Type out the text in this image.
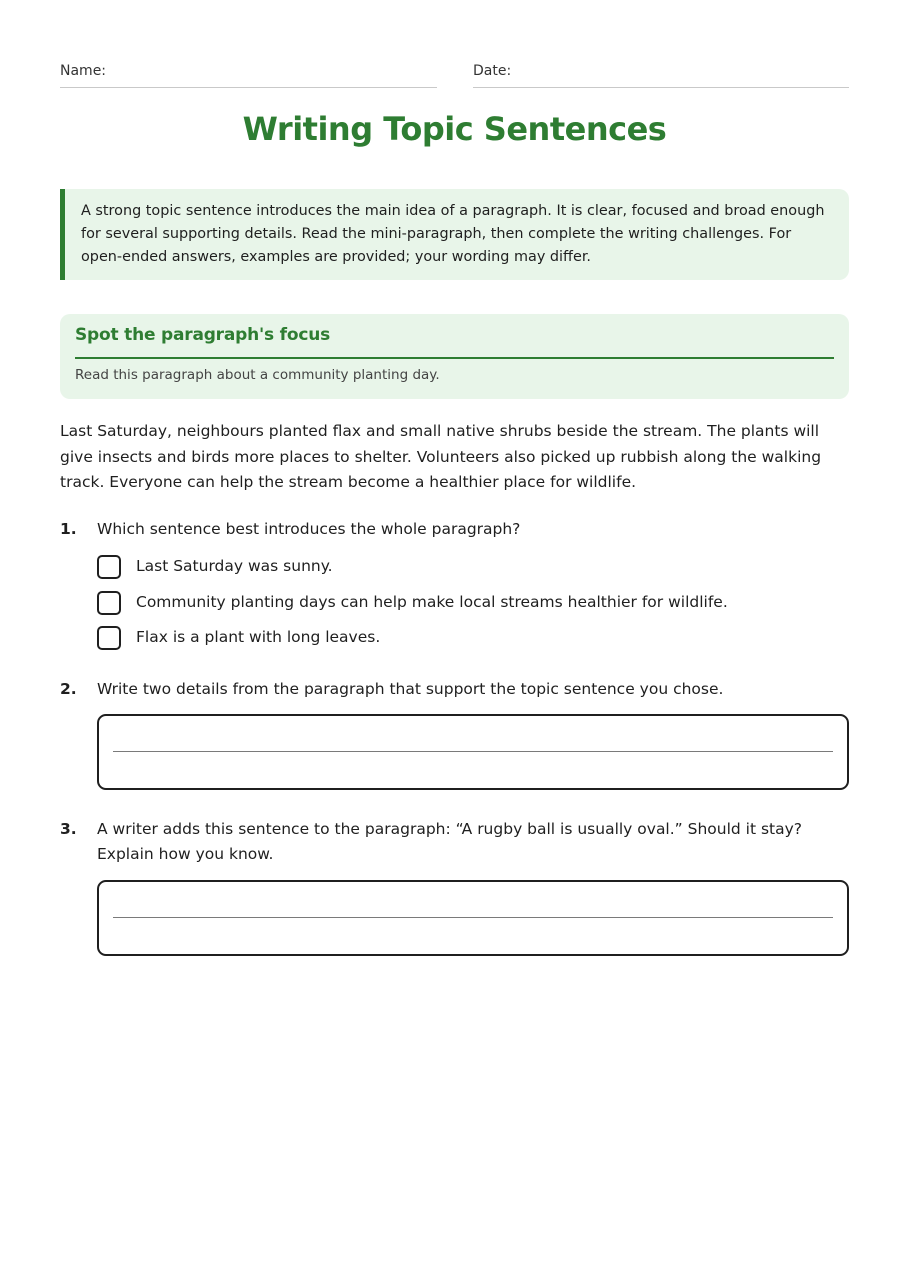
Name:	Date:
Writing Topic Sentences
A strong topic sentence introduces the main idea of a paragraph. It is clear, focused and broad enough for several supporting details. Read the mini-paragraph, then complete the writing challenges. For open-ended answers, examples are provided; your wording may differ.
Spot the paragraph's focus
Read this paragraph about a community planting day.
Last Saturday, neighbours planted flax and small native shrubs beside the stream. The plants will give insects and birds more places to shelter. Volunteers also picked up rubbish along the walking track. Everyone can help the stream become a healthier place for wildlife.
1. Which sentence best introduces the whole paragraph?
Last Saturday was sunny.
Community planting days can help make local streams healthier for wildlife.
Flax is a plant with long leaves.
2. Write two details from the paragraph that support the topic sentence you chose.
3. A writer adds this sentence to the paragraph: “A rugby ball is usually oval.” Should it stay? Explain how you know.
